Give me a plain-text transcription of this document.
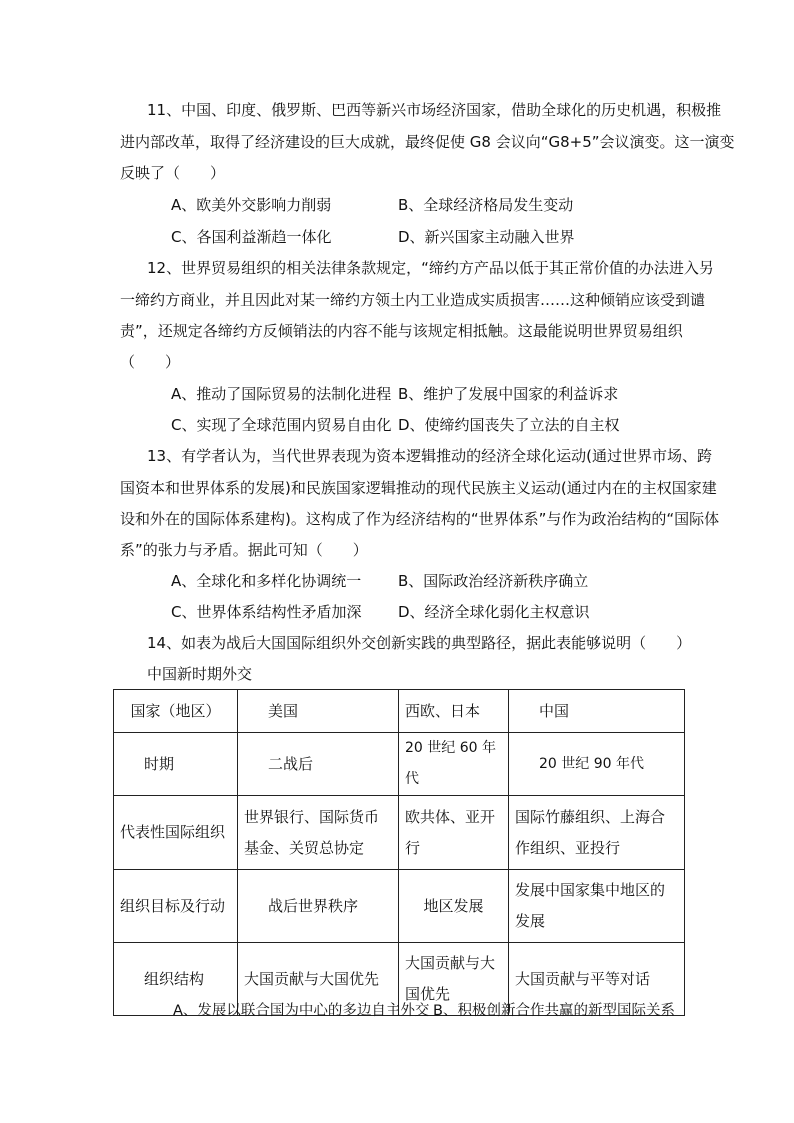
11、中国、印度、俄罗斯、巴西等新兴市场经济国家，借助全球化的历史机遇，积极推
进内部改革，取得了经济建设的巨大成就，最终促使 G8 会议向“G8+5”会议演变。这一演变
反映了（　　）
A、欧美外交影响力削弱	B、全球经济格局发生变动
C、各国利益渐趋一体化	D、新兴国家主动融入世界
12、世界贸易组织的相关法律条款规定，“缔约方产品以低于其正常价值的办法进入另
一缔约方商业，并且因此对某一缔约方领土内工业造成实质损害……这种倾销应该受到谴
责”，还规定各缔约方反倾销法的内容不能与该规定相抵触。这最能说明世界贸易组织
（　　）
A、推动了国际贸易的法制化进程 B、维护了发展中国家的利益诉求
C、实现了全球范围内贸易自由化 D、使缔约国丧失了立法的自主权
13、有学者认为，当代世界表现为资本逻辑推动的经济全球化运动(通过世界市场、跨
国资本和世界体系的发展)和民族国家逻辑推动的现代民族主义运动(通过内在的主权国家建
设和外在的国际体系建构)。这构成了作为经济结构的“世界体系”与作为政治结构的“国际体
系”的张力与矛盾。据此可知（　　）
A、全球化和多样化协调统一 B、国际政治经济新秩序确立
C、世界体系结构性矛盾加深 D、经济全球化弱化主权意识
14、如表为战后大国国际组织外交创新实践的典型路径，据此表能够说明（　　）
中国新时期外交
国家（地区）	美国	西欧、日本	中国
时期	二战后	20 世纪 60 年代	20 世纪 90 年代
代表性国际组织	世界银行、国际货币基金、关贸总协定	欧共体、亚开行	国际竹藤组织、上海合作组织、亚投行
组织目标及行动	战后世界秩序	地区发展	发展中国家集中地区的发展
组织结构	大国贡献与大国优先	大国贡献与大国优先	大国贡献与平等对话
A、发展以联合国为中心的多边自主外交 B、积极创新合作共赢的新型国际关系
